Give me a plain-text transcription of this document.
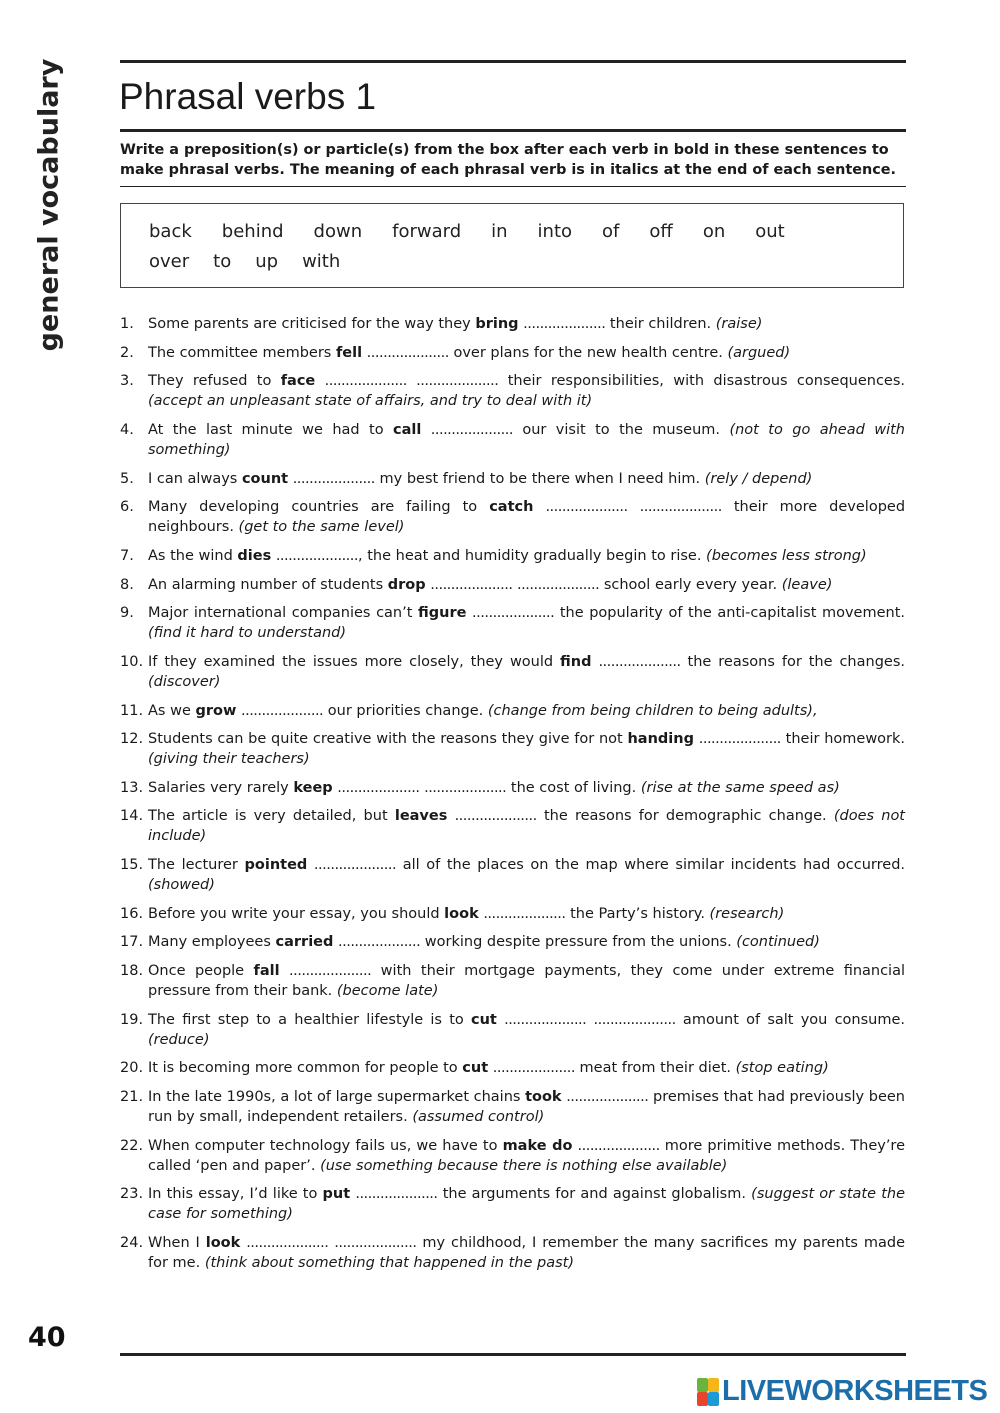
general vocabulary Phrasal verbs 1

Write a preposition(s) or particle(s) from the box after each verb in bold in these sentences to make phrasal verbs. The meaning of each phrasal verb is in italics at the end of each sentence.

back behind down forward in into of off on out
over to up with
1. Some parents are criticised for the way they bring .................... their children. (raise)
2. The committee members fell .................... over plans for the new health centre. (argued)
3. They refused to face .................... .................... their responsibilities, with disastrous consequences. (accept an unpleasant state of affairs, and try to deal with it)
4. At the last minute we had to call .................... our visit to the museum. (not to go ahead with something)
5. I can always count .................... my best friend to be there when I need him. (rely / depend)
6. Many developing countries are failing to catch .................... .................... their more developed neighbours. (get to the same level)
7. As the wind dies ...................., the heat and humidity gradually begin to rise. (becomes less strong)
8. An alarming number of students drop .................... .................... school early every year. (leave)
9. Major international companies can’t figure .................... the popularity of the anti-capitalist movement. (find it hard to understand)
10. If they examined the issues more closely, they would find .................... the reasons for the changes. (discover)
11. As we grow .................... our priorities change. (change from being children to being adults),
12. Students can be quite creative with the reasons they give for not handing .................... their homework. (giving their teachers)
13. Salaries very rarely keep .................... .................... the cost of living. (rise at the same speed as)
14. The article is very detailed, but leaves .................... the reasons for demographic change. (does not include)
15. The lecturer pointed .................... all of the places on the map where similar incidents had occurred. (showed)
16. Before you write your essay, you should look .................... the Party’s history. (research)
17. Many employees carried .................... working despite pressure from the unions. (continued)
18. Once people fall .................... with their mortgage payments, they come under extreme financial pressure from their bank. (become late)
19. The first step to a healthier lifestyle is to cut .................... .................... amount of salt you consume. (reduce)
20. It is becoming more common for people to cut .................... meat from their diet. (stop eating)
21. In the late 1990s, a lot of large supermarket chains took .................... premises that had previously been run by small, independent retailers. (assumed control)
22. When computer technology fails us, we have to make do .................... more primitive methods. They’re called ‘pen and paper’. (use something because there is nothing else available)
23. In this essay, I’d like to put .................... the arguments for and against globalism. (suggest or state the case for something)
24. When I look .................... .................... my childhood, I remember the many sacrifices my parents made for me. (think about something that happened in the past)
40
LIVEWORKSHEETS
